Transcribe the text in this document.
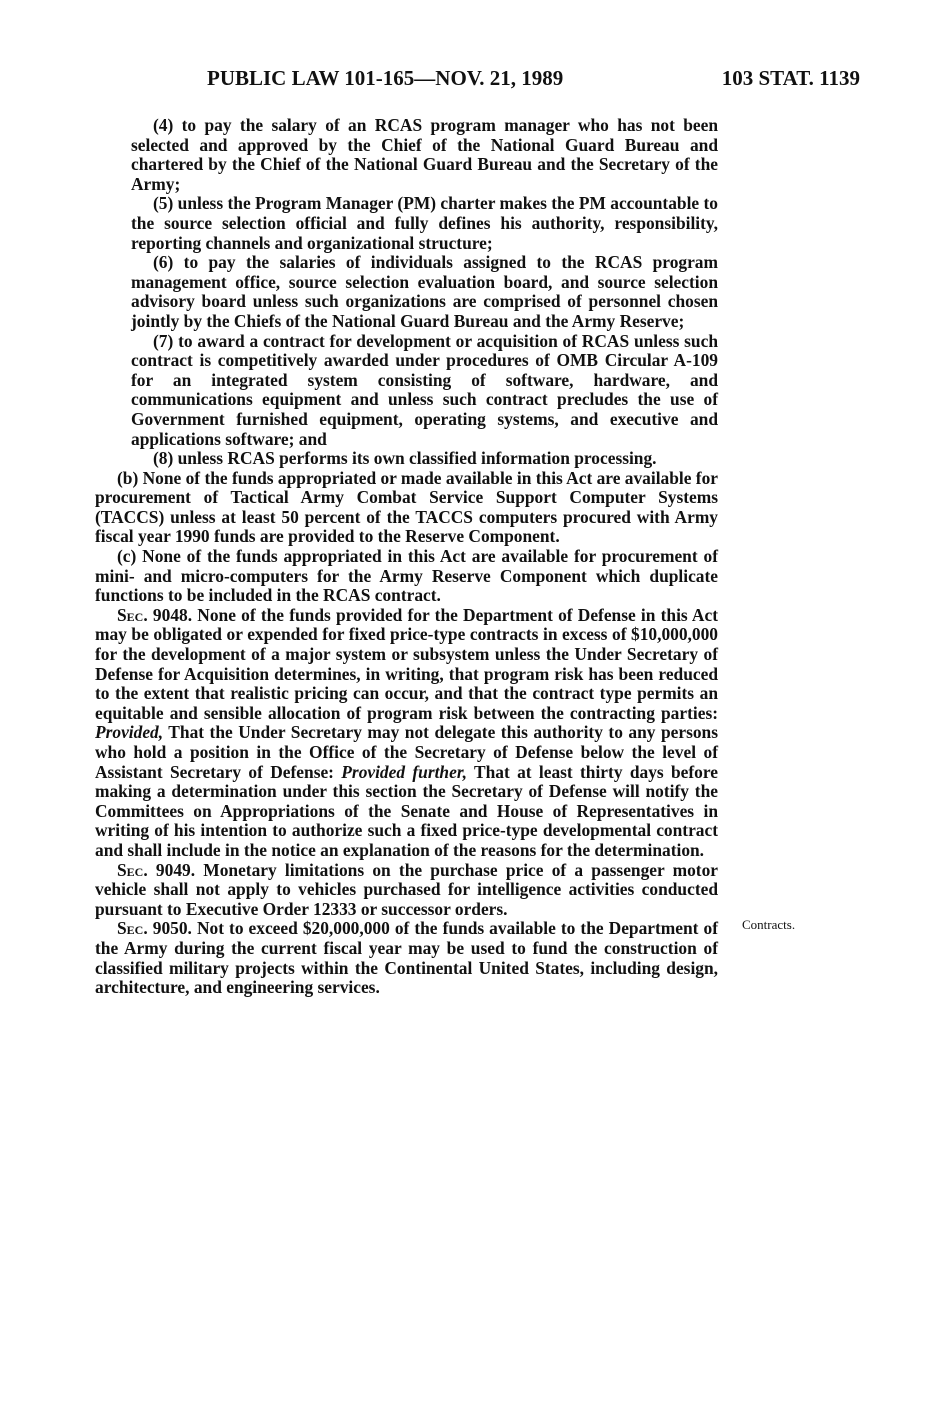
PUBLIC LAW 101-165—NOV. 21, 1989	103 STAT. 1139

(4) to pay the salary of an RCAS program manager who has not been selected and approved by the Chief of the National Guard Bureau and chartered by the Chief of the National Guard Bureau and the Secretary of the Army;

(5) unless the Program Manager (PM) charter makes the PM accountable to the source selection official and fully defines his authority, responsibility, reporting channels and organizational structure;

(6) to pay the salaries of individuals assigned to the RCAS program management office, source selection evaluation board, and source selection advisory board unless such organizations are comprised of personnel chosen jointly by the Chiefs of the National Guard Bureau and the Army Reserve;

(7) to award a contract for development or acquisition of RCAS unless such contract is competitively awarded under procedures of OMB Circular A-109 for an integrated system consisting of software, hardware, and communications equipment and unless such contract precludes the use of Government furnished equipment, operating systems, and executive and applications software; and

(8) unless RCAS performs its own classified information processing.

(b) None of the funds appropriated or made available in this Act are available for procurement of Tactical Army Combat Service Support Computer Systems (TACCS) unless at least 50 percent of the TACCS computers procured with Army fiscal year 1990 funds are provided to the Reserve Component.

(c) None of the funds appropriated in this Act are available for procurement of mini- and micro-computers for the Army Reserve Component which duplicate functions to be included in the RCAS contract.

Sec. 9048. None of the funds provided for the Department of Defense in this Act may be obligated or expended for fixed price-type contracts in excess of $10,000,000 for the development of a major system or subsystem unless the Under Secretary of Defense for Acquisition determines, in writing, that program risk has been reduced to the extent that realistic pricing can occur, and that the contract type permits an equitable and sensible allocation of program risk between the contracting parties: Provided, That the Under Secretary may not delegate this authority to any persons who hold a position in the Office of the Secretary of Defense below the level of Assistant Secretary of Defense: Provided further, That at least thirty days before making a determination under this section the Secretary of Defense will notify the Committees on Appropriations of the Senate and House of Representatives in writing of his intention to authorize such a fixed price-type developmental contract and shall include in the notice an explanation of the reasons for the determination.

Sec. 9049. Monetary limitations on the purchase price of a passenger motor vehicle shall not apply to vehicles purchased for intelligence activities conducted pursuant to Executive Order 12333 or successor orders.

Sec. 9050. Not to exceed $20,000,000 of the funds available to the Department of the Army during the current fiscal year may be used to fund the construction of classified military projects within the Continental United States, including design, architecture, and engineering services.

Contracts.
